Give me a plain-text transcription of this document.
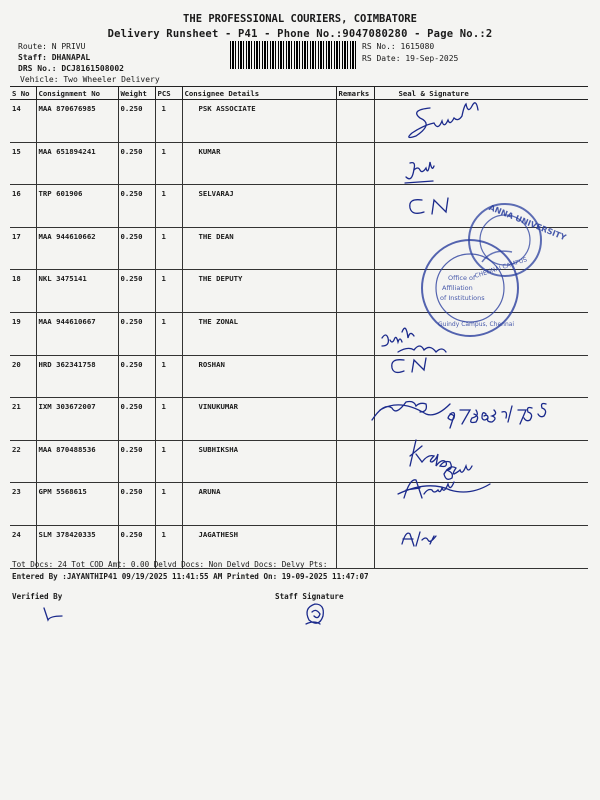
THE PROFESSIONAL COURIERS, COIMBATORE
Delivery Runsheet - P41 - Phone No.:9047080280 - Page No.:2
Route: N PRIVU
Staff: DHANAPAL
DRS No.: DCJ8161508002
Vehicle: Two Wheeler Delivery
RS No.: 1615080
RS Date: 19-Sep-2025
S No	Consignment No	Weight	PCS	Consignee Details	Remarks	Seal & Signature
14	MAA 870676985	0.250	1	PSK ASSOCIATE		
15	MAA 651894241	0.250	1	KUMAR		
16	TRP 601906	0.250	1	SELVARAJ		
17	MAA 944610662	0.250	1	THE DEAN		
18	NKL 3475141	0.250	1	THE DEPUTY		
19	MAA 944610667	0.250	1	THE ZONAL		
20	HRD 362341758	0.250	1	ROSHAN		
21	IXM 303672007	0.250	1	VINUKUMAR		
22	MAA 870488536	0.250	1	SUBHIKSHA		
23	GPM 5568615	0.250	1	ARUNA		
24	SLM 378420335	0.250	1	JAGATHESH		
ANNA UNIVERSITY
CHENNAI CAMPUS
Office of
Affiliation
of Institutions
Guindy Campus, Chennai
Tot Docs: 24 Tot COD Amt: 0.00 Delvd Docs: Non Delvd Docs: Delvy Pts:
Entered By :JAYANTHIP41 09/19/2025 11:41:55 AM Printed On: 19-09-2025 11:47:07
Verified By	Staff Signature
